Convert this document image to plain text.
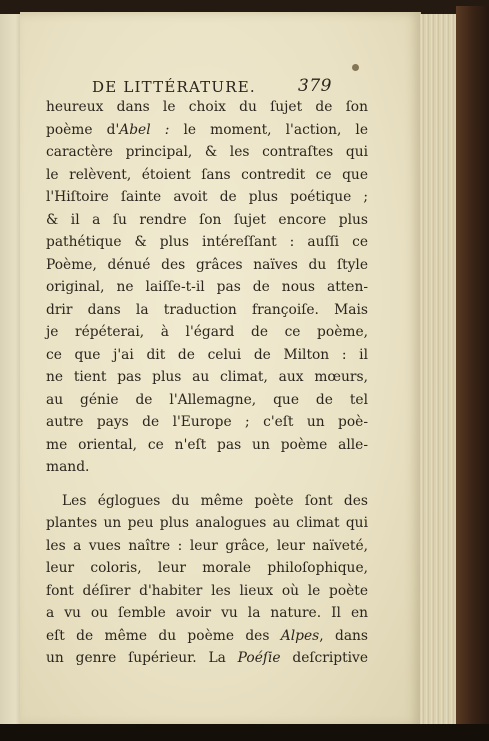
DE LITTÉRATURE. 379
heureux dans le choix du ſujet de ſon
poème d'Abel : le moment, l'action, le
caractère principal, & les contraſtes qui
le relèvent, étoient ſans contredit ce que
l'Hiſtoire ſainte avoit de plus poétique ;
& il a ſu rendre ſon ſujet encore plus
pathétique & plus intéreſſant : auſſi ce
Poème, dénué des grâces naïves du ſtyle
original, ne laiſſe-t-il pas de nous atten-
drir dans la traduction françoiſe. Mais
je répéterai, à l'égard de ce poème,
ce que j'ai dit de celui de Milton : il
ne tient pas plus au climat, aux mœurs,
au génie de l'Allemagne, que de tel
autre pays de l'Europe ; c'eſt un poè-
me oriental, ce n'eſt pas un poème alle-
mand.
Les églogues du même poète ſont des
plantes un peu plus analogues au climat qui
les a vues naître : leur grâce, leur naïveté,
leur coloris, leur morale philoſophique,
font déſirer d'habiter les lieux où le poète
a vu ou ſemble avoir vu la nature. Il en
eſt de même du poème des Alpes, dans
un genre ſupérieur. La Poéſie deſcriptive
